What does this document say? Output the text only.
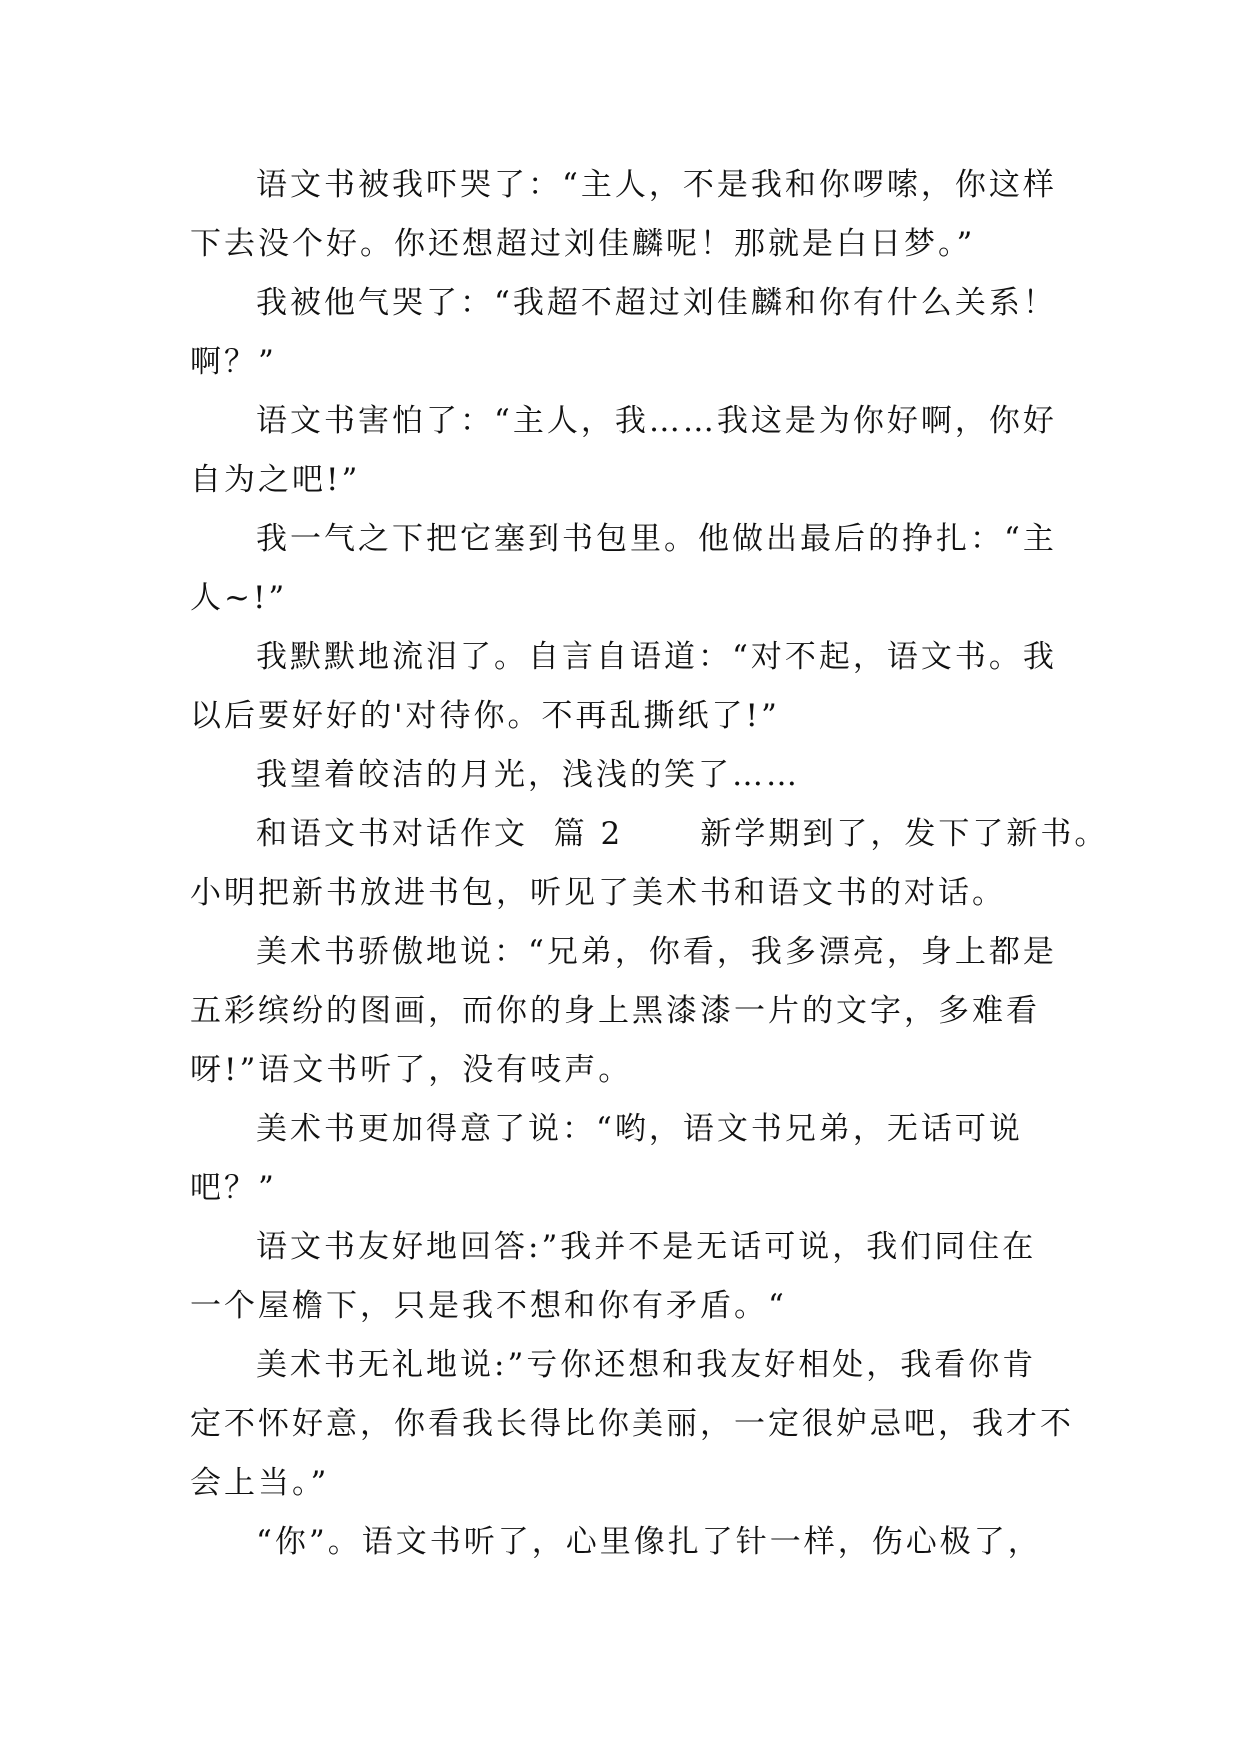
语文书被我吓哭了：“主人，不是我和你啰嗦，你这样
下去没个好。你还想超过刘佳麟呢！那就是白日梦。”
我被他气哭了：“我超不超过刘佳麟和你有什么关系！
啊？”
语文书害怕了：“主人，我……我这是为你好啊，你好
自为之吧!”
我一气之下把它塞到书包里。他做出最后的挣扎：“主
人~!”
我默默地流泪了。自言自语道：“对不起，语文书。我
以后要好好的'对待你。不再乱撕纸了!”
我望着皎洁的月光，浅浅的笑了……
和语文书对话作文  篇 2      新学期到了，发下了新书。
小明把新书放进书包，听见了美术书和语文书的对话。
美术书骄傲地说：“兄弟，你看，我多漂亮，身上都是
五彩缤纷的图画，而你的身上黑漆漆一片的文字，多难看
呀!”语文书听了，没有吱声。
美术书更加得意了说：“哟，语文书兄弟，无话可说
吧？”
语文书友好地回答:”我并不是无话可说，我们同住在
一个屋檐下，只是我不想和你有矛盾。“
美术书无礼地说:”亏你还想和我友好相处，我看你肯
定不怀好意，你看我长得比你美丽，一定很妒忌吧，我才不
会上当。”
“你”。语文书听了，心里像扎了针一样，伤心极了，
